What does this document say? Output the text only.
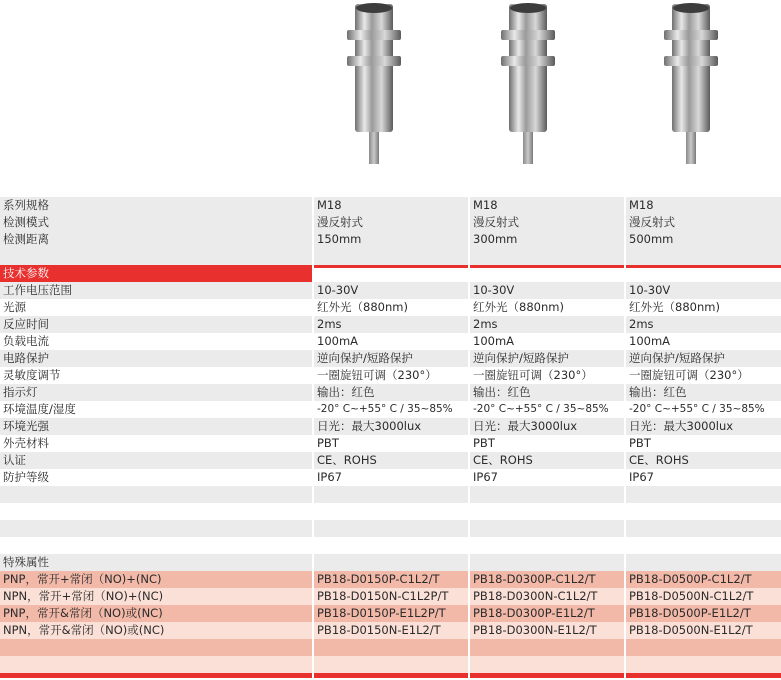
系列规格	M18	M18	M18
检测模式	漫反射式	漫反射式	漫反射式
检测距离	150mm	300mm	500mm
技术参数
工作电压范围	10-30V	10-30V	10-30V
光源	红外光（880nm)	红外光（880nm)	红外光（880nm)
反应时间	2ms	2ms	2ms
负载电流	100mA	100mA	100mA
电路保护	逆向保护/短路保护	逆向保护/短路保护	逆向保护/短路保护
灵敏度调节	一圈旋钮可调（230°）	一圈旋钮可调（230°）	一圈旋钮可调（230°）
指示灯	输出：红色	输出：红色	输出：红色
环境温度/湿度	-20° C~+55° C / 35~85%	-20° C~+55° C / 35~85%	-20° C~+55° C / 35~85%
环境光强	日光：最大3000lux	日光：最大3000lux	日光：最大3000lux
外壳材料	PBT	PBT	PBT
认证	CE、ROHS	CE、ROHS	CE、ROHS
防护等级	IP67	IP67	IP67
特殊属性
PNP，常开+常闭（NO)+(NC)	PB18-D0150P-C1L2/T	PB18-D0300P-C1L2/T	PB18-D0500P-C1L2/T
NPN，常开+常闭（NO)+(NC)	PB18-D0150N-C1L2P/T	PB18-D0300N-C1L2/T	PB18-D0500N-C1L2/T
PNP，常开&常闭（NO)或(NC)	PB18-D0150P-E1L2P/T	PB18-D0300P-E1L2/T	PB18-D0500P-E1L2/T
NPN，常开&常闭（NO)或(NC)	PB18-D0150N-E1L2/T	PB18-D0300N-E1L2/T	PB18-D0500N-E1L2/T
